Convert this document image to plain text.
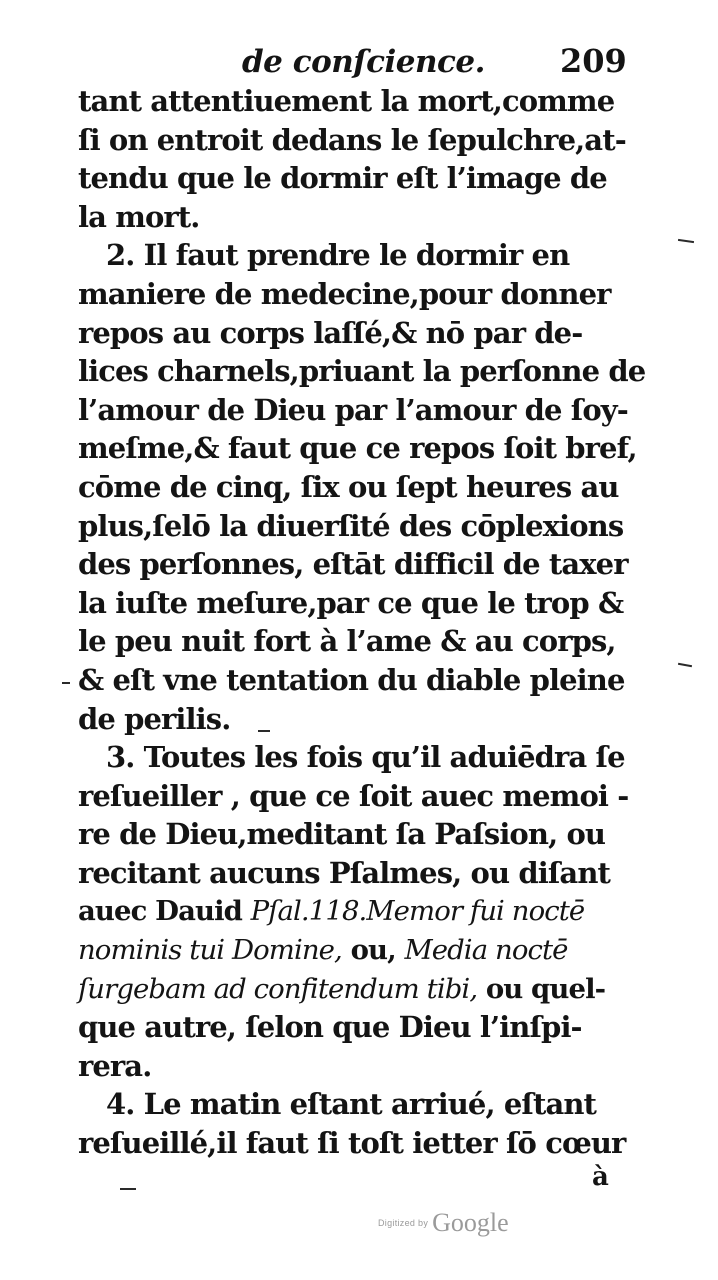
de conſcience. 209
tant attentiuement la mort,comme
ſi on entroit dedans le ſepulchre,at-
tendu que le dormir eſt l’image de
la mort.
2. Il faut prendre le dormir en
maniere de medecine,pour donner
repos au corps laſſé,& nō par de-
lices charnels,priuant la perſonne de
l’amour de Dieu par l’amour de ſoy-
meſme,& faut que ce repos ſoit bref,
cōme de cinq, ſix ou ſept heures au
plus,ſelō la diuerſité des cōplexions
des perſonnes, eſtāt difficil de taxer
la iuſte meſure,par ce que le trop &
le peu nuit fort à l’ame & au corps,
& eſt vne tentation du diable pleine
de perilis.
3. Toutes les fois qu’il aduiēdra ſe
reſueiller , que ce ſoit auec memoi -
re de Dieu,meditant ſa Paſsion, ou
recitant aucuns Pſalmes, ou diſant
auec Dauid Pſal.118.Memor fui noctē
nominis tui Domine, ou, Media noctē
ſurgebam ad confitendum tibi, ou quel-
que autre, ſelon que Dieu l’inſpi-
rera.
4. Le matin eſtant arriué, eſtant
reſueillé,il faut ſi toſt ietter ſō cœur
à
Digitized by Google
